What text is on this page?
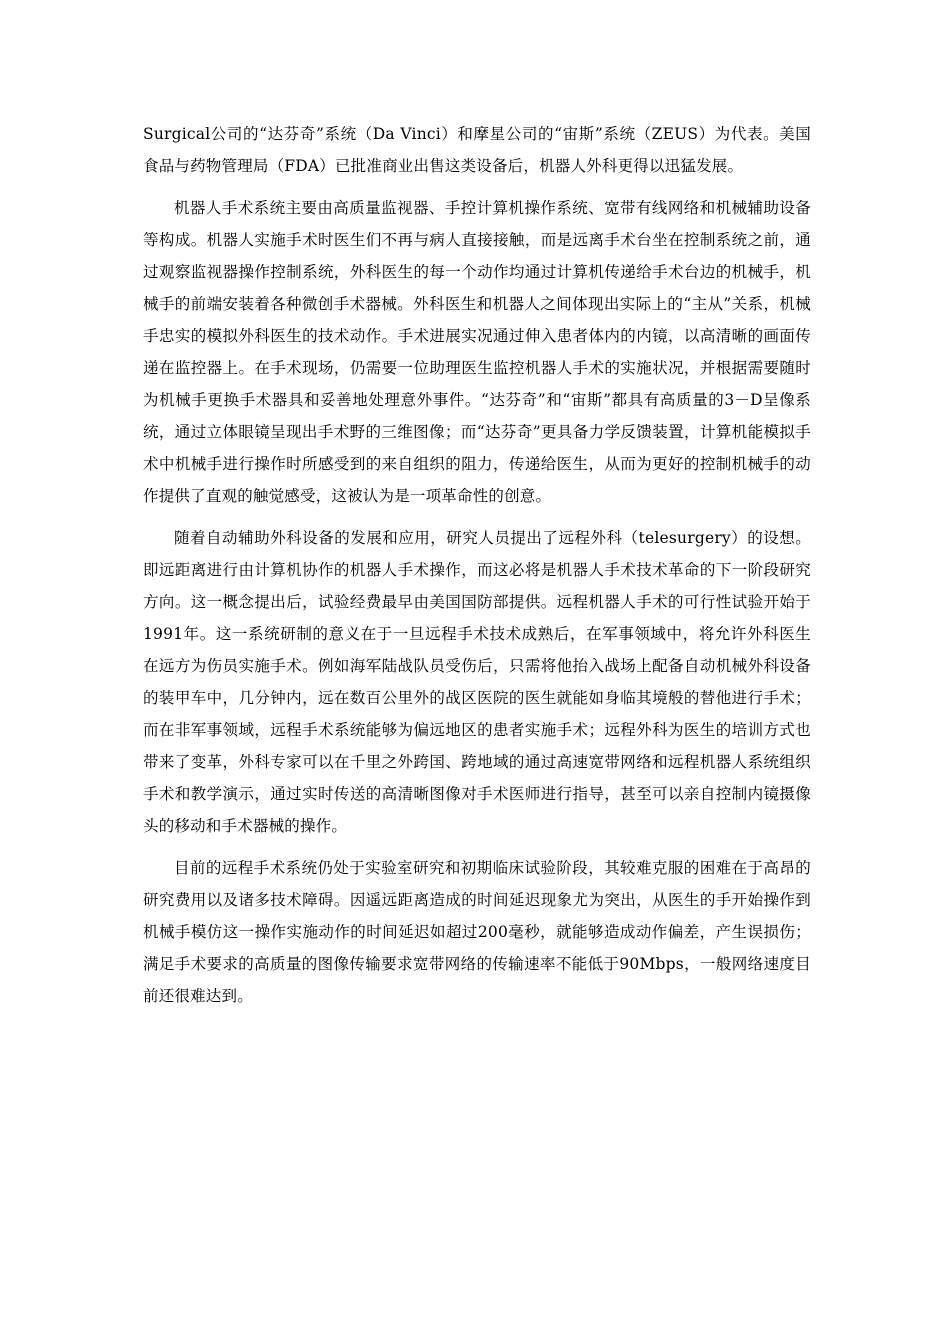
Surgical公司的“达芬奇”系统（Da Vinci）和摩星公司的“宙斯”系统（ZEUS）为代表。美国食品与药物管理局（FDA）已批准商业出售这类设备后，机器人外科更得以迅猛发展。

机器人手术系统主要由高质量监视器、手控计算机操作系统、宽带有线网络和机械辅助设备等构成。机器人实施手术时医生们不再与病人直接接触，而是远离手术台坐在控制系统之前，通过观察监视器操作控制系统，外科医生的每一个动作均通过计算机传递给手术台边的机械手，机械手的前端安装着各种微创手术器械。外科医生和机器人之间体现出实际上的“主从”关系，机械手忠实的模拟外科医生的技术动作。手术进展实况通过伸入患者体内的内镜，以高清晰的画面传递在监控器上。在手术现场，仍需要一位助理医生监控机器人手术的实施状况，并根据需要随时为机械手更换手术器具和妥善地处理意外事件。“达芬奇”和“宙斯”都具有高质量的3－D呈像系统，通过立体眼镜呈现出手术野的三维图像；而“达芬奇”更具备力学反馈装置，计算机能模拟手术中机械手进行操作时所感受到的来自组织的阻力，传递给医生，从而为更好的控制机械手的动作提供了直观的触觉感受，这被认为是一项革命性的创意。

随着自动辅助外科设备的发展和应用，研究人员提出了远程外科（telesurgery）的设想。即远距离进行由计算机协作的机器人手术操作，而这必将是机器人手术技术革命的下一阶段研究方向。这一概念提出后，试验经费最早由美国国防部提供。远程机器人手术的可行性试验开始于1991年。这一系统研制的意义在于一旦远程手术技术成熟后，在军事领域中，将允许外科医生在远方为伤员实施手术。例如海军陆战队员受伤后，只需将他抬入战场上配备自动机械外科设备的装甲车中，几分钟内，远在数百公里外的战区医院的医生就能如身临其境般的替他进行手术；而在非军事领域，远程手术系统能够为偏远地区的患者实施手术；远程外科为医生的培训方式也带来了变革，外科专家可以在千里之外跨国、跨地域的通过高速宽带网络和远程机器人系统组织手术和教学演示，通过实时传送的高清晰图像对手术医师进行指导，甚至可以亲自控制内镜摄像头的移动和手术器械的操作。

目前的远程手术系统仍处于实验室研究和初期临床试验阶段，其较难克服的困难在于高昂的研究费用以及诸多技术障碍。因遥远距离造成的时间延迟现象尤为突出，从医生的手开始操作到机械手模仿这一操作实施动作的时间延迟如超过200毫秒，就能够造成动作偏差，产生误损伤；满足手术要求的高质量的图像传输要求宽带网络的传输速率不能低于90Mbps，一般网络速度目前还很难达到。
